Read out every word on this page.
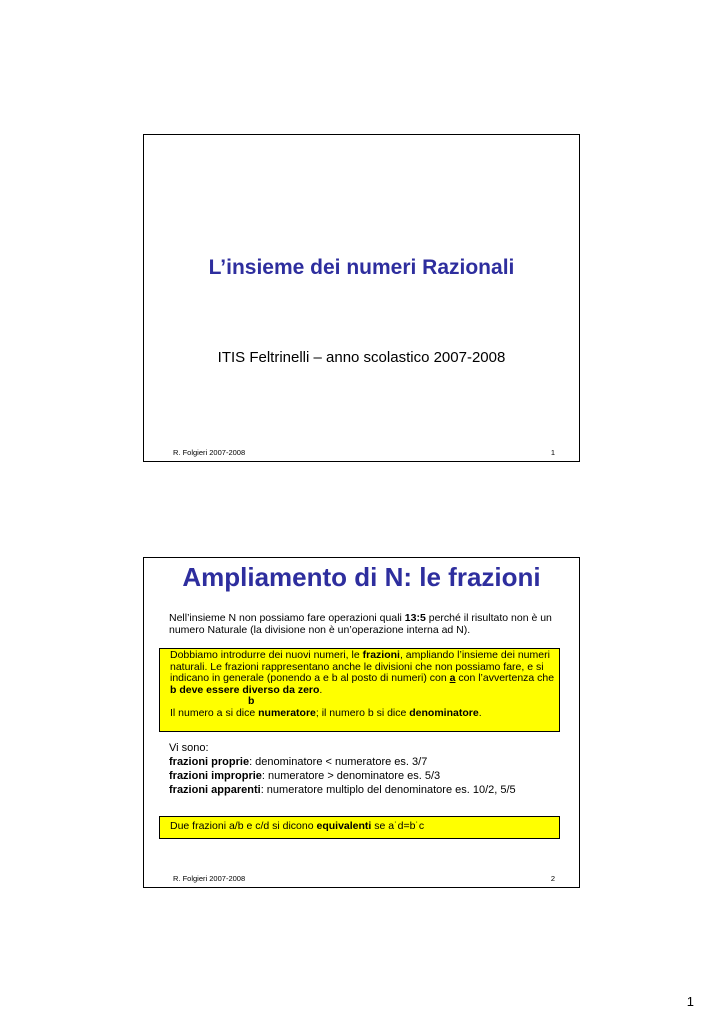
L’insieme dei numeri Razionali
ITIS Feltrinelli – anno scolastico 2007-2008
R. Folgieri 2007-2008	1
Ampliamento di N: le frazioni
Nell’insieme N non possiamo fare operazioni quali 13:5 perché il risultato non è un numero Naturale (la divisione non è un’operazione interna ad N).
Dobbiamo introdurre dei nuovi numeri, le frazioni, ampliando l’insieme dei numeri naturali. Le frazioni rappresentano anche le divisioni che non possiamo fare, e si indicano in generale (ponendo a e b al posto di numeri) con a con l’avvertenza che b deve essere diverso da zero.
b
Il numero a si dice numeratore; il numero b si dice denominatore.
Vi sono:
frazioni proprie: denominatore < numeratore es. 3/7
frazioni improprie: numeratore > denominatore es. 5/3
frazioni apparenti: numeratore multiplo del denominatore es. 10/2, 5/5
Due frazioni a/b e c/d si dicono equivalenti se a˙d=b˙c
R. Folgieri 2007-2008	2
1
